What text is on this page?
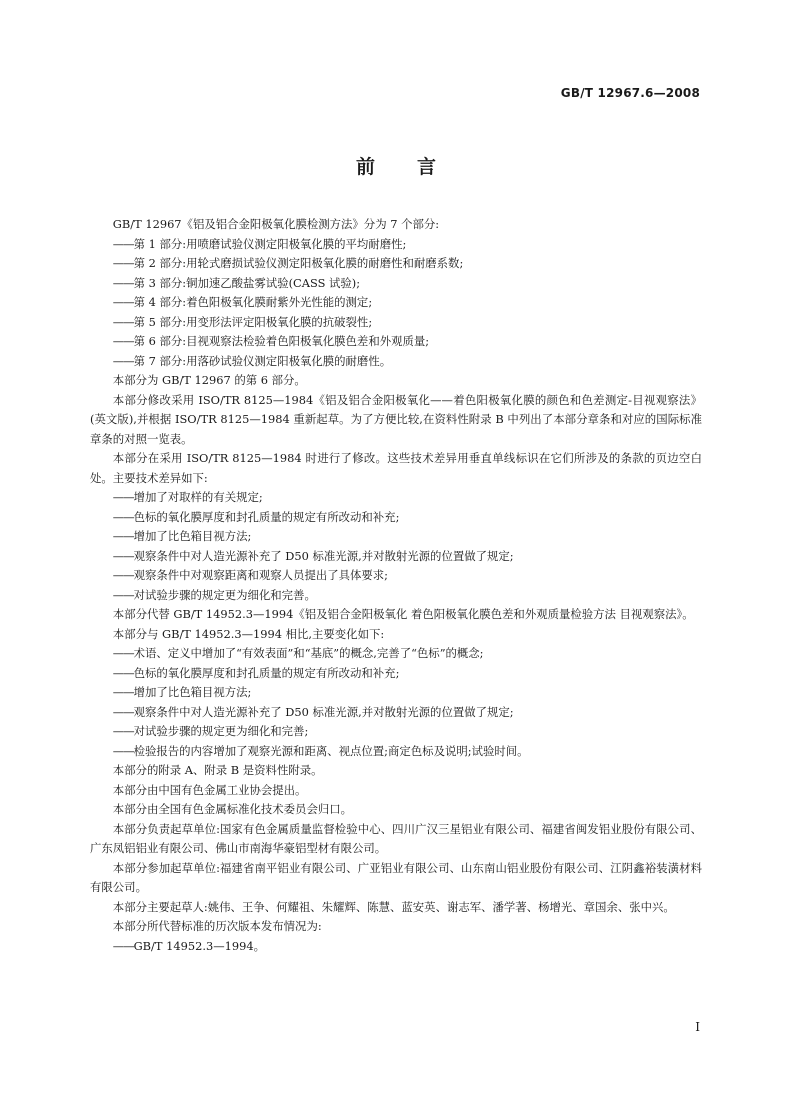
GB/T 12967.6—2008
前 言

GB/T 12967《铝及铝合金阳极氧化膜检测方法》分为 7 个部分:

——第 1 部分:用喷磨试验仪测定阳极氧化膜的平均耐磨性;

——第 2 部分:用轮式磨损试验仪测定阳极氧化膜的耐磨性和耐磨系数;

——第 3 部分:铜加速乙酸盐雾试验(CASS 试验);

——第 4 部分:着色阳极氧化膜耐紫外光性能的测定;

——第 5 部分:用变形法评定阳极氧化膜的抗破裂性;

——第 6 部分:目视观察法检验着色阳极氧化膜色差和外观质量;

——第 7 部分:用落砂试验仪测定阳极氧化膜的耐磨性。

本部分为 GB/T 12967 的第 6 部分。

本部分修改采用 ISO/TR 8125—1984《铝及铝合金阳极氧化——着色阳极氧化膜的颜色和色差测定-目视观察法》(英文版),并根据 ISO/TR 8125—1984 重新起草。为了方便比较,在资料性附录 B 中列出了本部分章条和对应的国际标准章条的对照一览表。

本部分在采用 ISO/TR 8125—1984 时进行了修改。这些技术差异用垂直单线标识在它们所涉及的条款的页边空白处。主要技术差异如下:

——增加了对取样的有关规定;

——色标的氧化膜厚度和封孔质量的规定有所改动和补充;

——增加了比色箱目视方法;

——观察条件中对人造光源补充了 D50 标准光源,并对散射光源的位置做了规定;

——观察条件中对观察距离和观察人员提出了具体要求;

——对试验步骤的规定更为细化和完善。

本部分代替 GB/T 14952.3—1994《铝及铝合金阳极氧化 着色阳极氧化膜色差和外观质量检验方法 目视观察法》。

本部分与 GB/T 14952.3—1994 相比,主要变化如下:

——术语、定义中增加了“有效表面”和“基底”的概念,完善了“色标”的概念;

——色标的氧化膜厚度和封孔质量的规定有所改动和补充;

——增加了比色箱目视方法;

——观察条件中对人造光源补充了 D50 标准光源,并对散射光源的位置做了规定;

——对试验步骤的规定更为细化和完善;

——检验报告的内容增加了观察光源和距离、视点位置;商定色标及说明;试验时间。

本部分的附录 A、附录 B 是资料性附录。

本部分由中国有色金属工业协会提出。

本部分由全国有色金属标准化技术委员会归口。

本部分负责起草单位:国家有色金属质量监督检验中心、四川广汉三星铝业有限公司、福建省闽发铝业股份有限公司、广东凤铝铝业有限公司、佛山市南海华豪铝型材有限公司。

本部分参加起草单位:福建省南平铝业有限公司、广亚铝业有限公司、山东南山铝业股份有限公司、江阴鑫裕装潢材料有限公司。

本部分主要起草人:姚伟、王争、何耀祖、朱耀辉、陈慧、蓝安英、谢志军、潘学著、杨增光、章国余、张中兴。

本部分所代替标准的历次版本发布情况为:

——GB/T 14952.3—1994。

I
